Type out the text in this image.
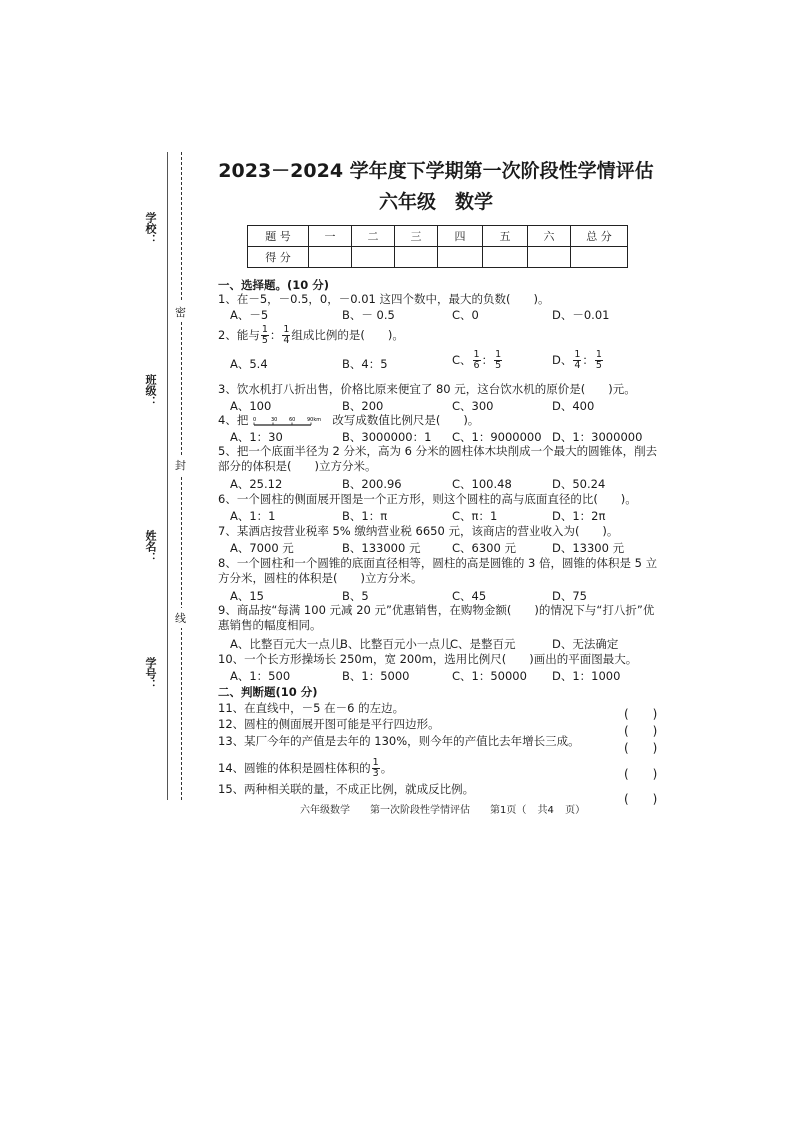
学校：
班级：
姓名：
学号：
密
封
线
2023－2024 学年度下学期第一次阶段性学情评估
六年级　数学
题 号	一	二	三	四	五	六	总 分
得 分							
一、选择题。(10 分)
1、在－5，－0.5，0，－0.01 这四个数中，最大的负数(　　)。
A、－5	B、－ 0.5	C、0	D、－0.01
2、能与 $\frac{1}{5}$ ： $\frac{1}{4}$ 组成比例的是(　　)。
A、5.4	B、4：5	C、 $\frac{1}{6}$ ： $\frac{1}{5}$	D、 $\frac{1}{4}$ ： $\frac{1}{5}$
3、饮水机打八折出售，价格比原来便宜了 80 元，这台饮水机的原价是(　　)元。
A、100	B、200	C、300	D、400
4、把 0	30 60 90km 改写成数值比例尺是(　　)。
A、1：30	B、3000000：1 C、1：9000000 D、1：3000000
5、把一个底面半径为 2 分米，高为 6 分米的圆柱体木块削成一个最大的圆锥体，削去部分的体积是(　　)立方分米。
A、25.12	B、200.96	C、100.48	D、50.24
6、一个圆柱的侧面展开图是一个正方形，则这个圆柱的高与底面直径的比(　　)。
A、1：1	B、1：π	C、π：1	D、1：2π
7、某酒店按营业税率 5% 缴纳营业税 6650 元，该商店的营业收入为(　　)。
A、7000 元	B、133000 元	C、6300 元	D、13300 元
8、一个圆柱和一个圆锥的底面直径相等，圆柱的高是圆锥的 3 倍，圆锥的体积是 5 立方分米，圆柱的体积是(　　)立方分米。
A、15	B、5	C、45	D、75
9、商品按“每满 100 元减 20 元”优惠销售，在购物金额(　　)的情况下与“打八折”优惠销售的幅度相同。
A、比整百元大一点儿
B、比整百元小一点儿
C、是整百元	D、无法确定
10、一个长方形操场长 250m，宽 200m，选用比例尺(　　)画出的平面图最大。
A、1：500	B、1：5000	C、1：50000 D、1：1000
二、判断题(10 分)
11、在直线中，－5 在－6 的左边。	(　　)
12、圆柱的侧面展开图可能是平行四边形。	(　　)
13、某厂今年的产值是去年的 130%，则今年的产值比去年增长三成。	(　　)
14、圆锥的体积是圆柱体积的 $\frac{1}{3}$ 。	(　　)
15、两种相关联的量，不成正比例，就成反比例。
(　　)
六年级数学　　第一次阶段性学情评估　　第1页（ 共4 页）
